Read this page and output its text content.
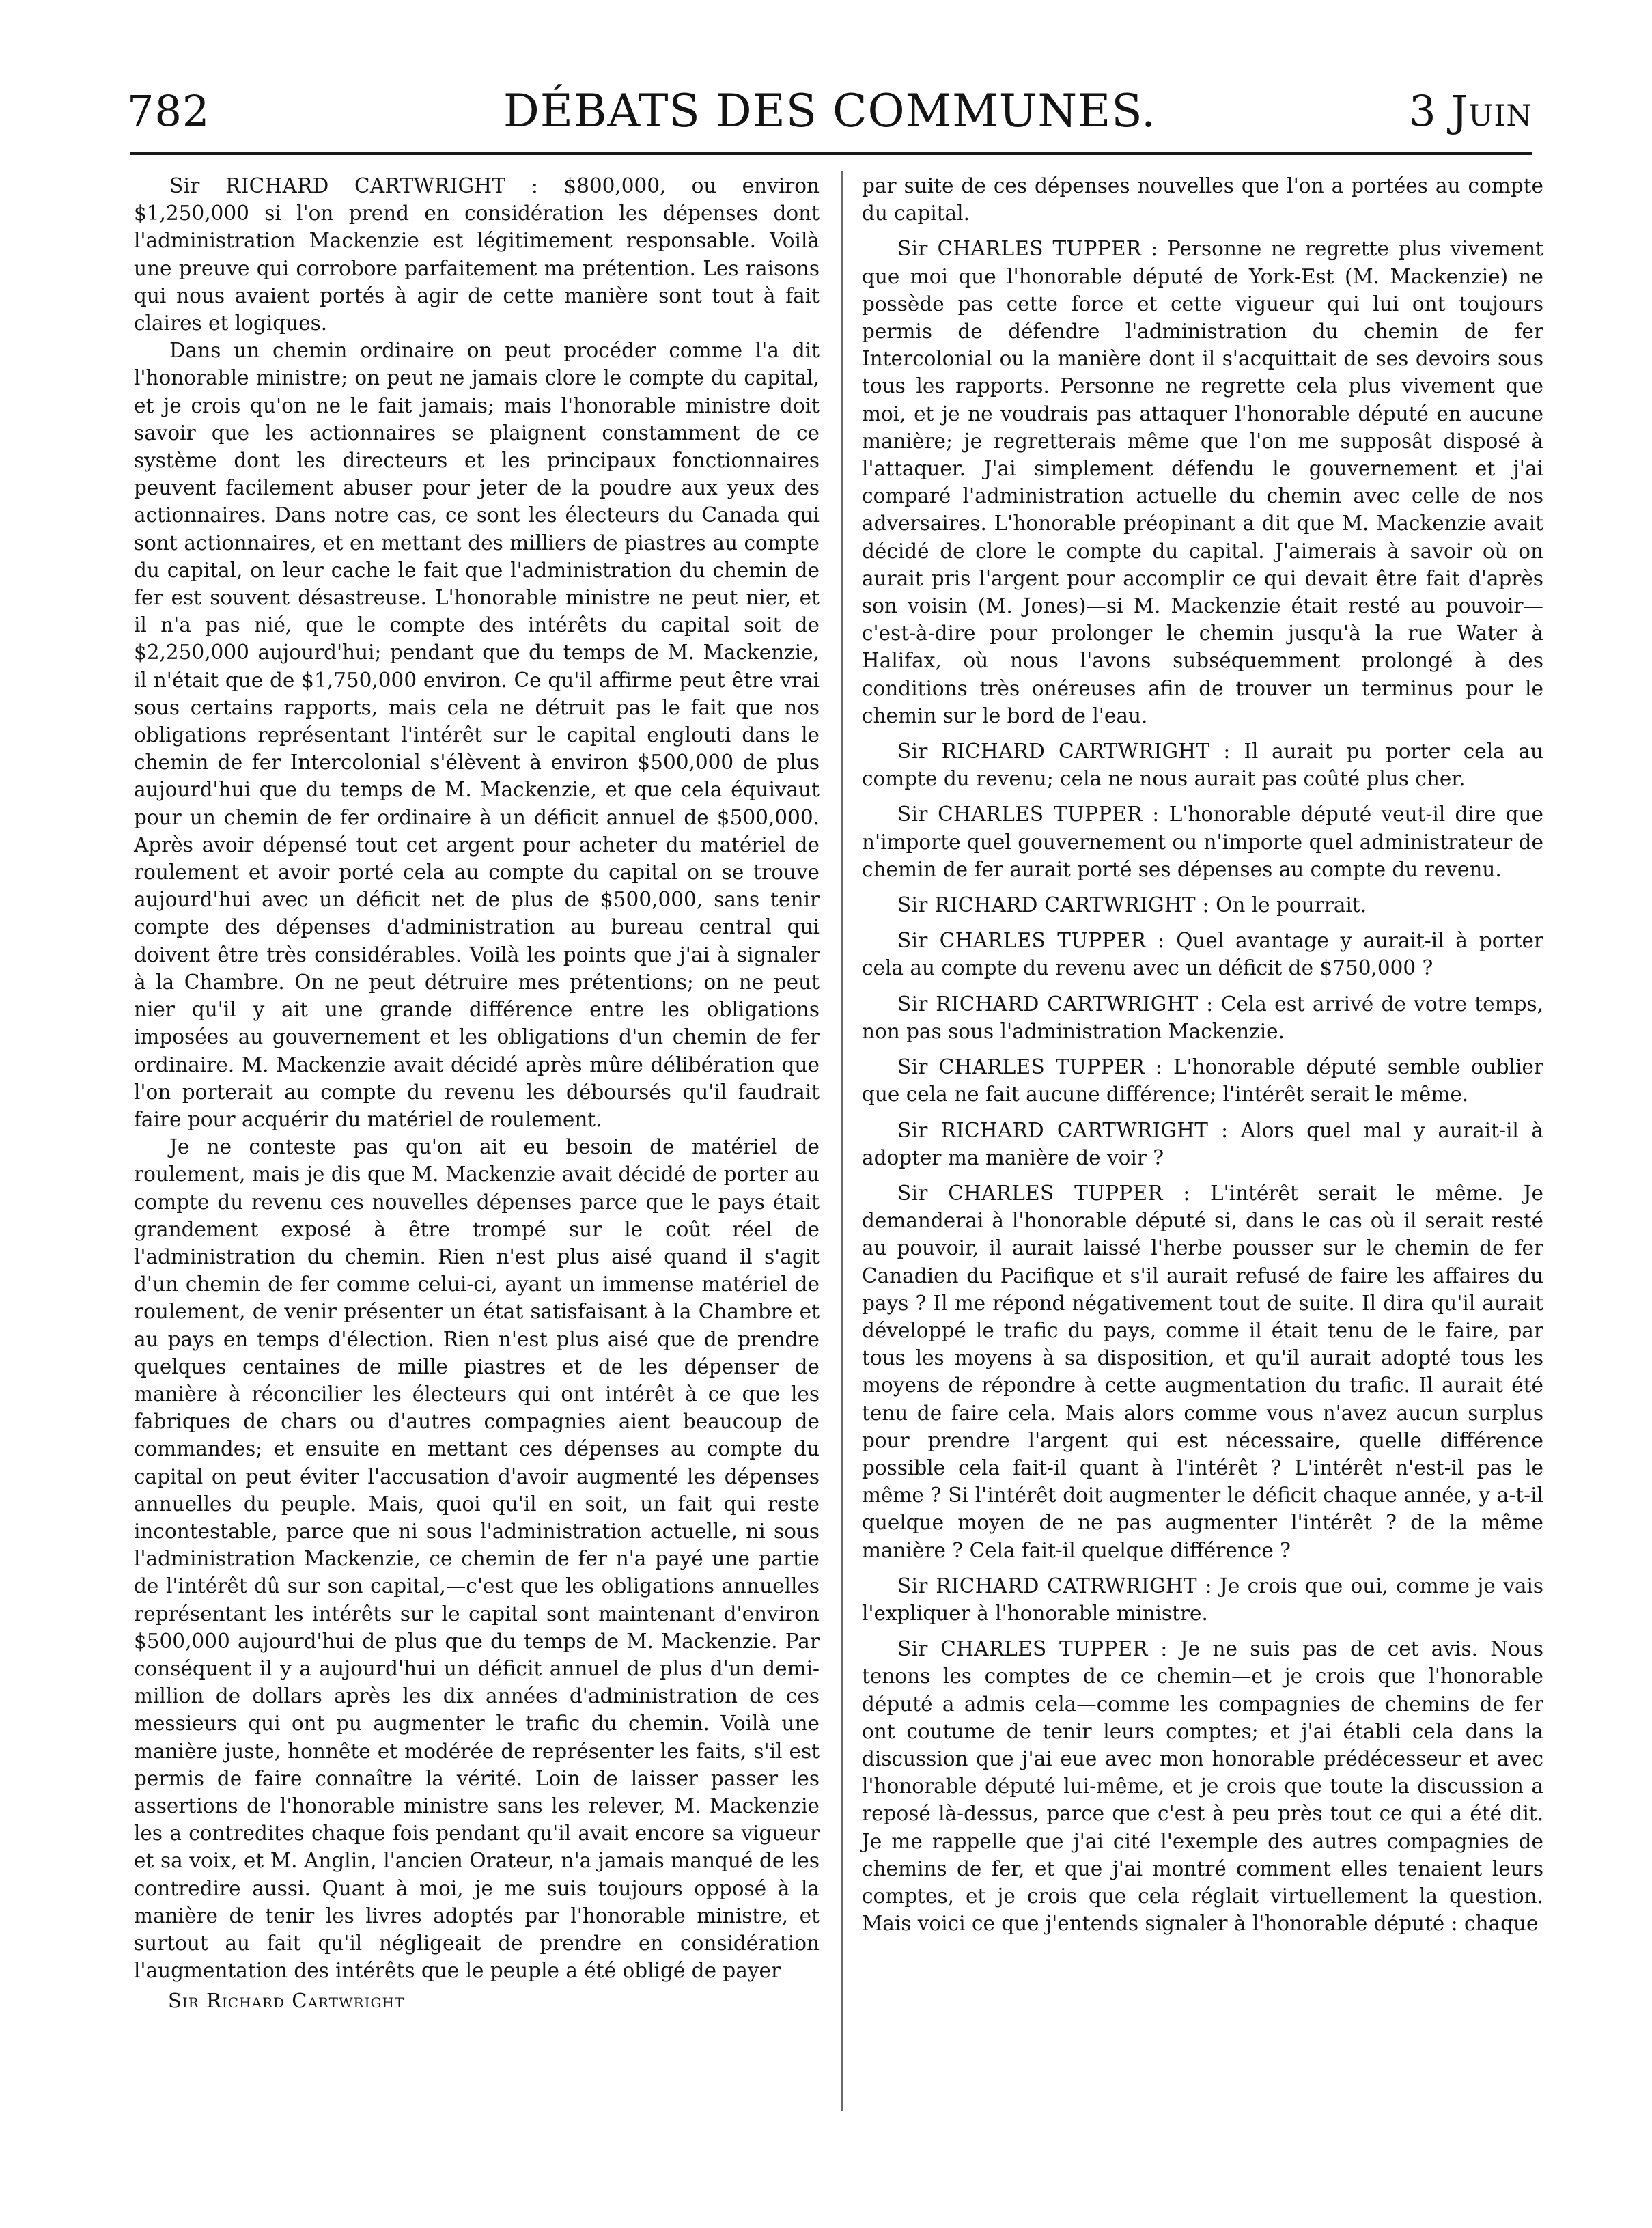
782	DÉBATS DES COMMUNES.	3 Juin

Sir RICHARD CARTWRIGHT : $800,000, ou environ $1,250,000 si l'on prend en considération les dépenses dont l'administration Mackenzie est légitimement responsable. Voilà une preuve qui corrobore parfaitement ma prétention. Les raisons qui nous avaient portés à agir de cette manière sont tout à fait claires et logiques.

Dans un chemin ordinaire on peut procéder comme l'a dit l'honorable ministre; on peut ne jamais clore le compte du capital, et je crois qu'on ne le fait jamais; mais l'honorable ministre doit savoir que les actionnaires se plaignent constamment de ce système dont les directeurs et les principaux fonctionnaires peuvent facilement abuser pour jeter de la poudre aux yeux des actionnaires. Dans notre cas, ce sont les électeurs du Canada qui sont actionnaires, et en mettant des milliers de piastres au compte du capital, on leur cache le fait que l'administration du chemin de fer est souvent désastreuse. L'honorable ministre ne peut nier, et il n'a pas nié, que le compte des intérêts du capital soit de $2,250,000 aujourd'hui; pendant que du temps de M. Mackenzie, il n'était que de $1,750,000 environ. Ce qu'il affirme peut être vrai sous certains rapports, mais cela ne détruit pas le fait que nos obligations représentant l'intérêt sur le capital englouti dans le chemin de fer Intercolonial s'élèvent à environ $500,000 de plus aujourd'hui que du temps de M. Mackenzie, et que cela équivaut pour un chemin de fer ordinaire à un déficit annuel de $500,000. Après avoir dépensé tout cet argent pour acheter du matériel de roulement et avoir porté cela au compte du capital on se trouve aujourd'hui avec un déficit net de plus de $500,000, sans tenir compte des dépenses d'administration au bureau central qui doivent être très considérables. Voilà les points que j'ai à signaler à la Chambre. On ne peut détruire mes prétentions; on ne peut nier qu'il y ait une grande différence entre les obligations imposées au gouvernement et les obligations d'un chemin de fer ordinaire. M. Mackenzie avait décidé après mûre délibération que l'on porterait au compte du revenu les déboursés qu'il faudrait faire pour acquérir du matériel de roulement.

Je ne conteste pas qu'on ait eu besoin de matériel de roulement, mais je dis que M. Mackenzie avait décidé de porter au compte du revenu ces nouvelles dépenses parce que le pays était grandement exposé à être trompé sur le coût réel de l'administration du chemin. Rien n'est plus aisé quand il s'agit d'un chemin de fer comme celui-ci, ayant un immense matériel de roulement, de venir présenter un état satisfaisant à la Chambre et au pays en temps d'élection. Rien n'est plus aisé que de prendre quelques centaines de mille piastres et de les dépenser de manière à réconcilier les électeurs qui ont intérêt à ce que les fabriques de chars ou d'autres compagnies aient beaucoup de commandes; et ensuite en mettant ces dépenses au compte du capital on peut éviter l'accusation d'avoir augmenté les dépenses annuelles du peuple. Mais, quoi qu'il en soit, un fait qui reste incontestable, parce que ni sous l'administration actuelle, ni sous l'administration Mackenzie, ce chemin de fer n'a payé une partie de l'intérêt dû sur son capital,—c'est que les obligations annuelles représentant les intérêts sur le capital sont maintenant d'environ $500,000 aujourd'hui de plus que du temps de M. Mackenzie. Par conséquent il y a aujourd'hui un déficit annuel de plus d'un demi-million de dollars après les dix années d'administration de ces messieurs qui ont pu augmenter le trafic du chemin. Voilà une manière juste, honnête et modérée de représenter les faits, s'il est permis de faire connaître la vérité. Loin de laisser passer les assertions de l'honorable ministre sans les relever, M. Mackenzie les a contredites chaque fois pendant qu'il avait encore sa vigueur et sa voix, et M. Anglin, l'ancien Orateur, n'a jamais manqué de les contredire aussi. Quant à moi, je me suis toujours opposé à la manière de tenir les livres adoptés par l'honorable ministre, et surtout au fait qu'il négligeait de prendre en considération l'augmentation des intérêts que le peuple a été obligé de payer

Sir Richard Cartwright

par suite de ces dépenses nouvelles que l'on a portées au compte du capital.

Sir CHARLES TUPPER : Personne ne regrette plus vivement que moi que l'honorable député de York-Est (M. Mackenzie) ne possède pas cette force et cette vigueur qui lui ont toujours permis de défendre l'administration du chemin de fer Intercolonial ou la manière dont il s'acquittait de ses devoirs sous tous les rapports. Personne ne regrette cela plus vivement que moi, et je ne voudrais pas attaquer l'honorable député en aucune manière; je regretterais même que l'on me supposât disposé à l'attaquer. J'ai simplement défendu le gouvernement et j'ai comparé l'administration actuelle du chemin avec celle de nos adversaires. L'honorable préopinant a dit que M. Mackenzie avait décidé de clore le compte du capital. J'aimerais à savoir où on aurait pris l'argent pour accomplir ce qui devait être fait d'après son voisin (M. Jones)—si M. Mackenzie était resté au pouvoir—c'est-à-dire pour prolonger le chemin jusqu'à la rue Water à Halifax, où nous l'avons subséquemment prolongé à des conditions très onéreuses afin de trouver un terminus pour le chemin sur le bord de l'eau.

Sir RICHARD CARTWRIGHT : Il aurait pu porter cela au compte du revenu; cela ne nous aurait pas coûté plus cher.

Sir CHARLES TUPPER : L'honorable député veut-il dire que n'importe quel gouvernement ou n'importe quel administrateur de chemin de fer aurait porté ses dépenses au compte du revenu.

Sir RICHARD CARTWRIGHT : On le pourrait.

Sir CHARLES TUPPER : Quel avantage y aurait-il à porter cela au compte du revenu avec un déficit de $750,000 ?

Sir RICHARD CARTWRIGHT : Cela est arrivé de votre temps, non pas sous l'administration Mackenzie.

Sir CHARLES TUPPER : L'honorable député semble oublier que cela ne fait aucune différence; l'intérêt serait le même.

Sir RICHARD CARTWRIGHT : Alors quel mal y aurait-il à adopter ma manière de voir ?

Sir CHARLES TUPPER : L'intérêt serait le même. Je demanderai à l'honorable député si, dans le cas où il serait resté au pouvoir, il aurait laissé l'herbe pousser sur le chemin de fer Canadien du Pacifique et s'il aurait refusé de faire les affaires du pays ? Il me répond négativement tout de suite. Il dira qu'il aurait développé le trafic du pays, comme il était tenu de le faire, par tous les moyens à sa disposition, et qu'il aurait adopté tous les moyens de répondre à cette augmentation du trafic. Il aurait été tenu de faire cela. Mais alors comme vous n'avez aucun surplus pour prendre l'argent qui est nécessaire, quelle différence possible cela fait-il quant à l'intérêt ? L'intérêt n'est-il pas le même ? Si l'intérêt doit augmenter le déficit chaque année, y a-t-il quelque moyen de ne pas augmenter l'intérêt ? de la même manière ? Cela fait-il quelque différence ?

Sir RICHARD CATRWRIGHT : Je crois que oui, comme je vais l'expliquer à l'honorable ministre.

Sir CHARLES TUPPER : Je ne suis pas de cet avis. Nous tenons les comptes de ce chemin—et je crois que l'honorable député a admis cela—comme les compagnies de chemins de fer ont coutume de tenir leurs comptes; et j'ai établi cela dans la discussion que j'ai eue avec mon honorable prédécesseur et avec l'honorable député lui-même, et je crois que toute la discussion a reposé là-dessus, parce que c'est à peu près tout ce qui a été dit. Je me rappelle que j'ai cité l'exemple des autres compagnies de chemins de fer, et que j'ai montré comment elles tenaient leurs comptes, et je crois que cela réglait virtuellement la question. Mais voici ce que j'entends signaler à l'honorable député : chaque
